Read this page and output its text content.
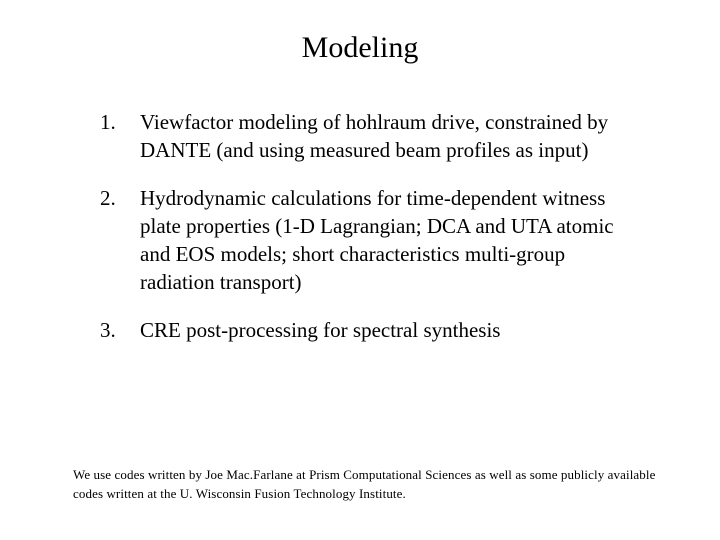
Modeling
1. Viewfactor modeling of hohlraum drive, constrained by DANTE (and using measured beam profiles as input)
2. Hydrodynamic calculations for time-dependent witness plate properties (1-D Lagrangian; DCA and UTA atomic and EOS models; short characteristics multi-group radiation transport)
3. CRE post-processing for spectral synthesis
We use codes written by Joe Mac.Farlane at Prism Computational Sciences as well as some publicly available codes written at the U. Wisconsin Fusion Technology Institute.
